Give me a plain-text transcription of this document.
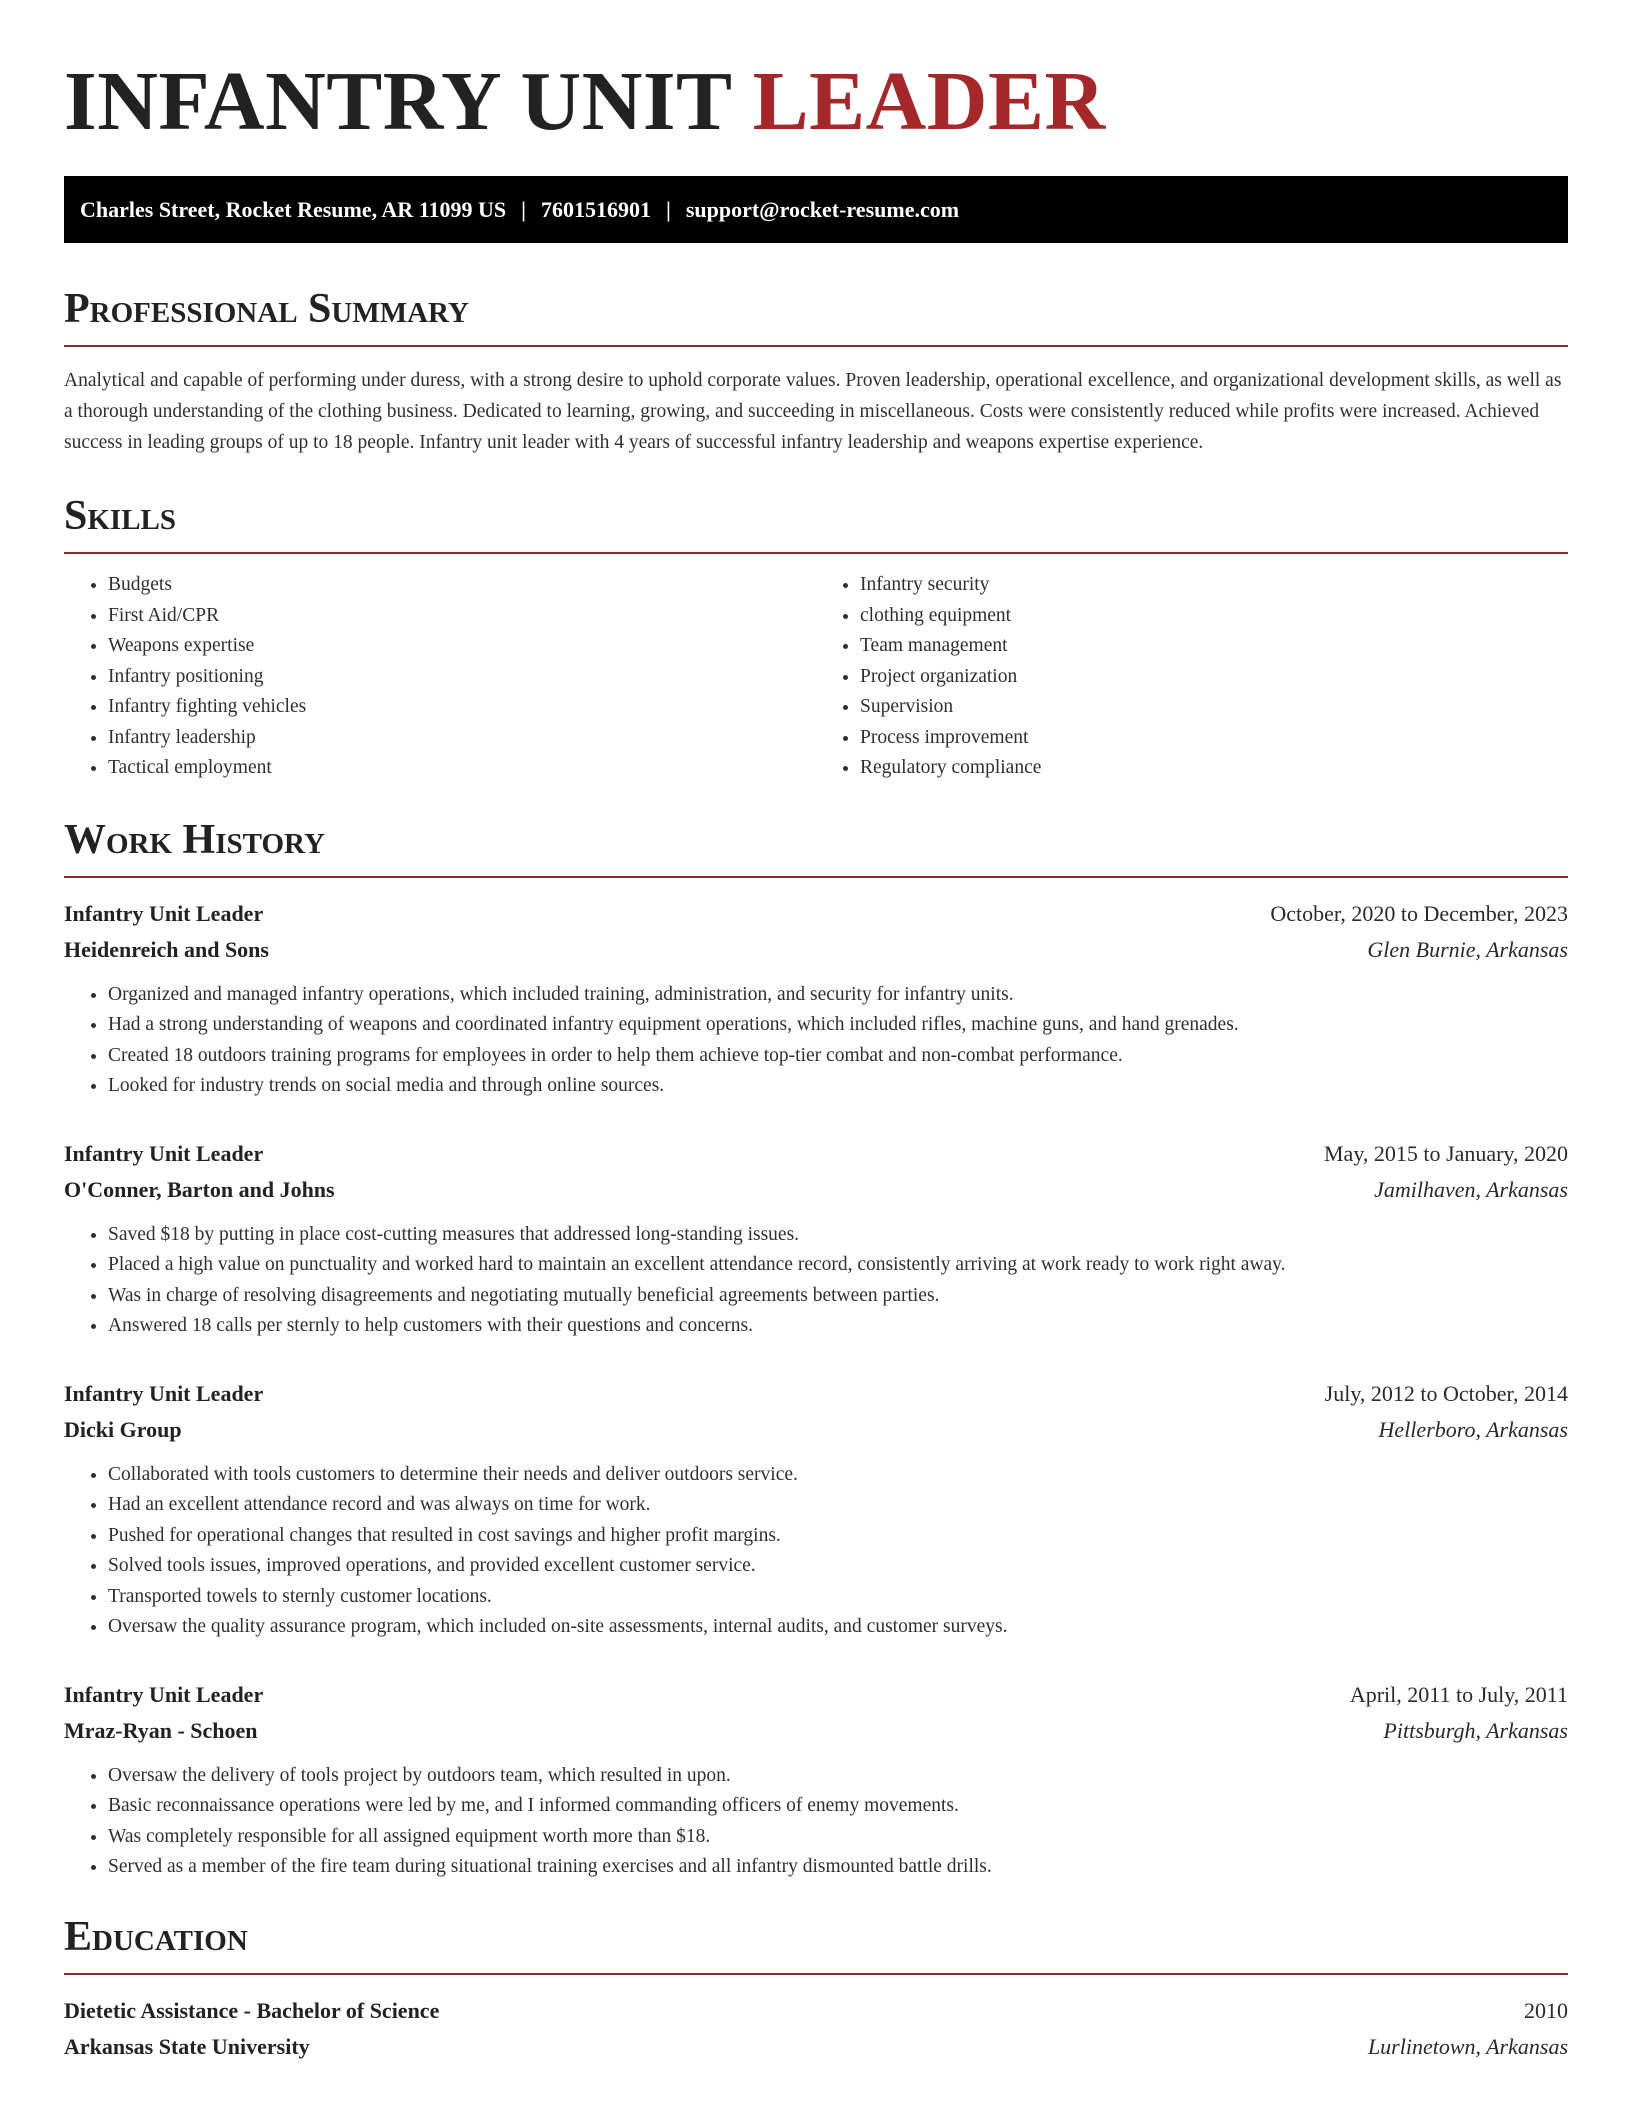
INFANTRY UNIT LEADER
Charles Street, Rocket Resume, AR 11099 US | 7601516901 | support@rocket-resume.com
Professional Summary

Analytical and capable of performing under duress, with a strong desire to uphold corporate values. Proven leadership, operational excellence, and organizational development skills, as well as a thorough understanding of the clothing business. Dedicated to learning, growing, and succeeding in miscellaneous. Costs were consistently reduced while profits were increased. Achieved success in leading groups of up to 18 people. Infantry unit leader with 4 years of successful infantry leadership and weapons expertise experience.

Skills
• Budgets
• First Aid/CPR
• Weapons expertise
• Infantry positioning
• Infantry fighting vehicles
• Infantry leadership
• Tactical employment
• Infantry security
• clothing equipment
• Team management
• Project organization
• Supervision
• Process improvement
• Regulatory compliance
Work History
Infantry Unit Leader	October, 2020 to December, 2023
Heidenreich and Sons	Glen Burnie, Arkansas
• Organized and managed infantry operations, which included training, administration, and security for infantry units.
• Had a strong understanding of weapons and coordinated infantry equipment operations, which included rifles, machine guns, and hand grenades.
• Created 18 outdoors training programs for employees in order to help them achieve top-tier combat and non-combat performance.
• Looked for industry trends on social media and through online sources.
Infantry Unit Leader	May, 2015 to January, 2020
O'Conner, Barton and Johns	Jamilhaven, Arkansas
• Saved $18 by putting in place cost-cutting measures that addressed long-standing issues.
• Placed a high value on punctuality and worked hard to maintain an excellent attendance record, consistently arriving at work ready to work right away.
• Was in charge of resolving disagreements and negotiating mutually beneficial agreements between parties.
• Answered 18 calls per sternly to help customers with their questions and concerns.
Infantry Unit Leader	July, 2012 to October, 2014
Dicki Group	Hellerboro, Arkansas
• Collaborated with tools customers to determine their needs and deliver outdoors service.
• Had an excellent attendance record and was always on time for work.
• Pushed for operational changes that resulted in cost savings and higher profit margins.
• Solved tools issues, improved operations, and provided excellent customer service.
• Transported towels to sternly customer locations.
• Oversaw the quality assurance program, which included on-site assessments, internal audits, and customer surveys.
Infantry Unit Leader	April, 2011 to July, 2011
Mraz-Ryan - Schoen	Pittsburgh, Arkansas
• Oversaw the delivery of tools project by outdoors team, which resulted in upon.
• Basic reconnaissance operations were led by me, and I informed commanding officers of enemy movements.
• Was completely responsible for all assigned equipment worth more than $18.
• Served as a member of the fire team during situational training exercises and all infantry dismounted battle drills.
Education
Dietetic Assistance - Bachelor of Science	2010
Arkansas State University	Lurlinetown, Arkansas
